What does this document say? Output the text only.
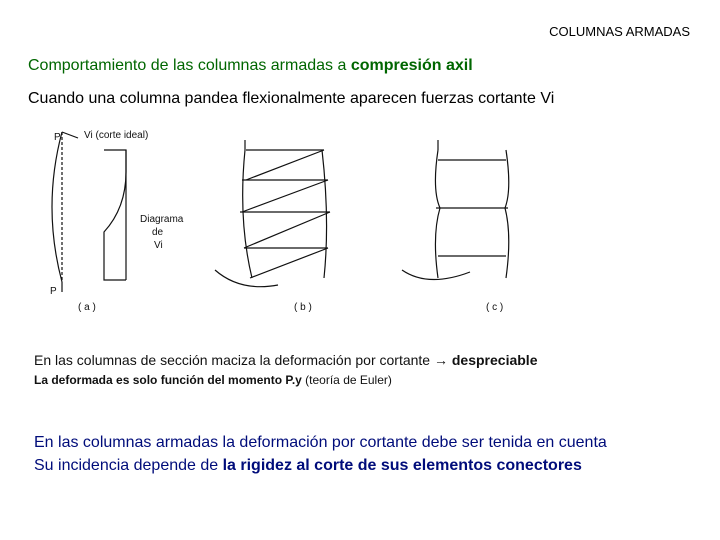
COLUMNAS ARMADAS
Comportamiento de las columnas armadas a compresión axil
Cuando una columna pandea flexionalmente aparecen fuerzas cortante Vi
P Vi (corte ideal)
Diagrama
de
Vi
P
( a )	( b )	( c )
En las columnas de sección maciza la deformación por cortante → despreciable
La deformada es solo función del momento P.y (teoría de Euler)
En las columnas armadas la deformación por cortante debe ser tenida en cuenta
Su incidencia depende de la rigidez al corte de sus elementos conectores
